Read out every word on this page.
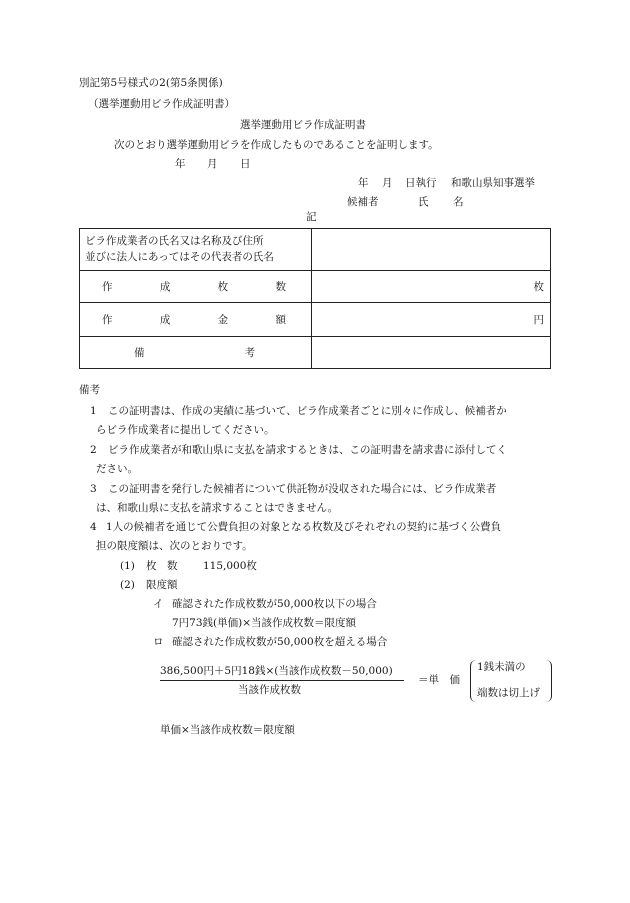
別記第5号様式の2(第5条関係)
（選挙運動用ビラ作成証明書）
選挙運動用ビラ作成証明書
次のとおり選挙運動用ビラを作成したものであることを証明します。
年 月 日
年 月 日執行 和歌山県知事選挙
候補者	氏 名
記
ビラ作成業者の氏名又は名称及び住所
並びに法人にあってはその代表者の氏名	

作 成 枚 数	枚

作 成 金 額	円

備 考	

備考
1 この証明書は、作成の実績に基づいて、ビラ作成業者ごとに別々に作成し、候補者か
らビラ作成業者に提出してください。
2 ビラ作成業者が和歌山県に支払を請求するときは、この証明書を請求書に添付してく
ださい。
3 この証明書を発行した候補者について供託物が没収された場合には、ビラ作成業者
は、和歌山県に支払を請求することはできません。
4 1人の候補者を通じて公費負担の対象となる枚数及びそれぞれの契約に基づく公費負
担の限度額は、次のとおりです。
(1) 枚　数 115,000枚
(2) 限度額
イ 確認された作成枚数が50,000枚以下の場合
7円73銭(単価)×当該作成枚数＝限度額
ロ 確認された作成枚数が50,000枚を超える場合
386,500円＋5円18銭×(当該作成枚数－50,000)
当該作成枚数
＝単　価
1銭未満の
端数は切上げ
単価×当該作成枚数＝限度額
